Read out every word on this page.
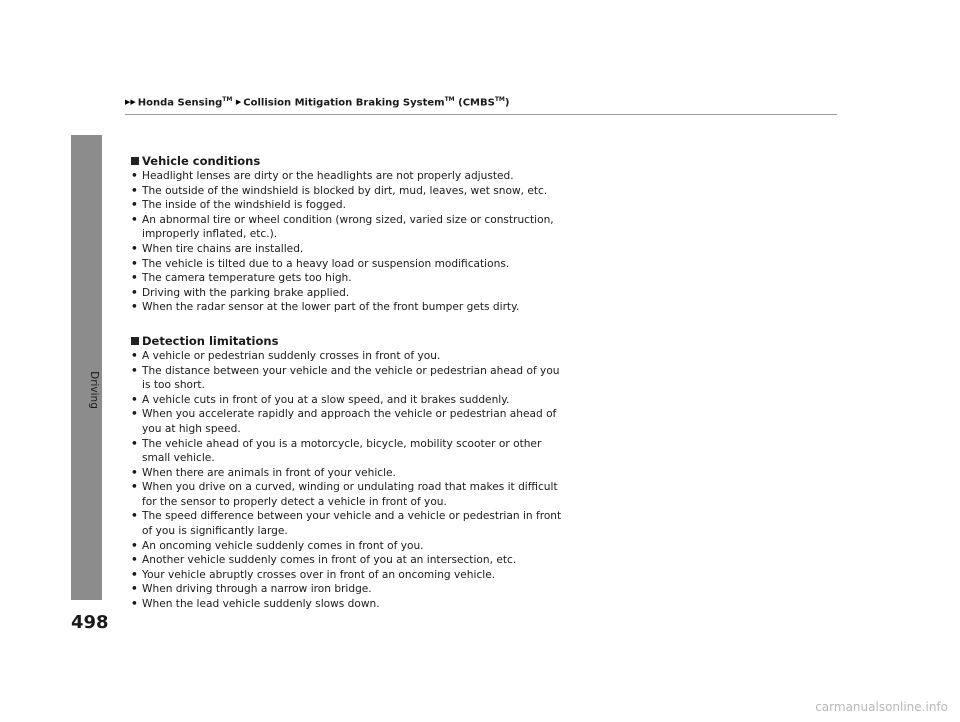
Driving
▶▶ Honda Sensing™ ▶ Collision Mitigation Braking System™ (CMBS™)
Vehicle conditions
• Headlight lenses are dirty or the headlights are not properly adjusted.
• The outside of the windshield is blocked by dirt, mud, leaves, wet snow, etc.
• The inside of the windshield is fogged.
• An abnormal tire or wheel condition (wrong sized, varied size or construction, improperly inflated, etc.).
• When tire chains are installed.
• The vehicle is tilted due to a heavy load or suspension modifications.
• The camera temperature gets too high.
• Driving with the parking brake applied.
• When the radar sensor at the lower part of the front bumper gets dirty.
Detection limitations
• A vehicle or pedestrian suddenly crosses in front of you.
• The distance between your vehicle and the vehicle or pedestrian ahead of you is too short.
• A vehicle cuts in front of you at a slow speed, and it brakes suddenly.
• When you accelerate rapidly and approach the vehicle or pedestrian ahead of you at high speed.
• The vehicle ahead of you is a motorcycle, bicycle, mobility scooter or other small vehicle.
• When there are animals in front of your vehicle.
• When you drive on a curved, winding or undulating road that makes it difficult for the sensor to properly detect a vehicle in front of you.
• The speed difference between your vehicle and a vehicle or pedestrian in front of you is significantly large.
• An oncoming vehicle suddenly comes in front of you.
• Another vehicle suddenly comes in front of you at an intersection, etc.
• Your vehicle abruptly crosses over in front of an oncoming vehicle.
• When driving through a narrow iron bridge.
• When the lead vehicle suddenly slows down.
498
carmanualsonline.info
